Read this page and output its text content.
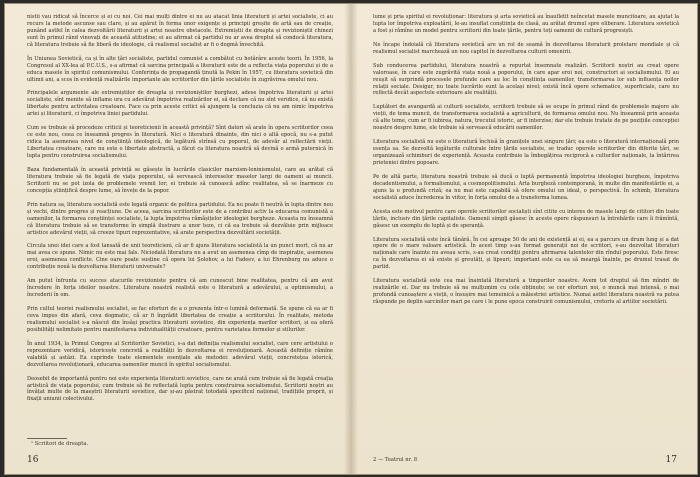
nistii vau ridicat să încerce și ei cu noi. Cei mai mulți dintre ei nu au atacat linia literaturii și artei socialiste, ci au recurs la metode ascunse sau clare, și au apărut în forma unor exigențe și principii greșite de artă sau de creație, punând astfel în calea dezvoltării literaturii și artei noastre obstacole. Extremiștii de dreapta și revizioniștii chinezi sunt în primul rând vinovați de această atitudine; ei au afirmat că partidul nu ar avea dreptul să conducă literatura, că literatura trebuie să fie liberă de ideologie, că realismul socialist ar fi o dogmă învechită.

În Uniunea Sovietică, ca și în alte țări socialiste, partidul comunist a combătut cu hotărâre aceste teorii. În 1956, la Congresul al XX-lea al P.C.U.S., s-a afirmat că sarcina principală a literaturii este de a reflecta viața poporului și de a educa masele în spiritul comunismului. Conferința de propagandă ținută la Pekin în 1957, cu literatura sovietică din ultimii ani, a scos în evidență realizările importante ale scriitorilor din țările socialiste în zugrăvirea omului nou.

Principalele argumente ale extremiștilor de dreapta și revizioniștilor burghezi, adese împotriva literaturii și artei socialiste, sînt menite să inflame ura cu adevărat împotriva realizărilor ei, să declare că nu sînt veridice, că nu există libertate pentru activitatea creatoare. Face ca prin aceste critici să ajungem la concluzia că nu am nimic împotriva artei și literaturii, ci împotriva liniei partidului.

Cum se trebuie să procedeze criticii și teoreticienii în această privință? Sînt datori să arate în opera scriitorilor ceea ce este nou, ceea ce înseamnă progres în literatură. Nici o literatură dinainte, din nici o altă epocă, nu s-a putut ridica la asemenea nivel de conștiință ideologică, de legătură strînsă cu poporul, de adevăr al reflectării vieții. Libertatea creatoare, care nu este o libertate abstractă, a făcut ca literatura noastră să devină o armă puternică în lupta pentru construirea socialismului.

Baza fundamentală în această privință se găsește în lucrările clasicilor marxism-leninismului, care au arătat că literatura trebuie să fie legată de viața poporului, să servească intereselor maselor largi de oameni ai muncii. Scriitorii nu se pot izola de problemele vremii lor; ei trebuie să cunoască adînc realitatea, să se înarmeze cu concepția științifică despre lume, să învețe de la popor.

Prin natura sa, literatura socialistă este legată organic de politica partidului. Ea nu poate fi neutră în lupta dintre nou și vechi, dintre progres și reacțiune. De aceea, sarcina scriitorilor este de a contribui activ la educarea comunistă a oamenilor, la formarea conștiinței socialiste, la lupta împotriva rămășițelor ideologiei burgheze. Aceasta nu înseamnă că literatura trebuie să se transforme în simplă ilustrare a unor teze, ci că ea trebuie să dezvăluie prin mijloace artistice adevărul vieții, să creeze tipuri reprezentative, să arate perspectiva dezvoltării societății.

Circula unei idei care a fost lansată de unii teoreticieni, că ar fi ajuns literatura socialistă la un punct mort, că nu ar mai avea ce spune. Nimic nu este mai fals. Niciodată literatura nu a avut un asemenea cîmp de inspirație, asemenea eroi, asemenea conflicte. Cine oare poate susține că opera lui Șolohov, a lui Fadeev, a lui Ehrenburg nu aduce o contribuție nouă la dezvoltarea literaturii universale?

Am putut înfrunta cu succes atacurile revizioniste pentru că am cunoscut bine realitatea, pentru că am avut încredere în forța ideilor noastre. Literatura noastră realistă este o literatură a adevărului, a optimismului, a încrederii în om.

Prin cultul teoriei realismului socialist, se fac eforturi de a o prezenta într-o lumină deformată. Se spune că ea ar fi ceva impus din afară, ceva dogmatic, că ar fi îngrădit libertatea de creație a scriitorului. În realitate, metoda realismului socialist s-a născut din însăși practica literaturii sovietice, din experiența marilor scriitori, și ea oferă posibilități nelimitate pentru manifestarea individualității creatoare, pentru varietatea formelor și stilurilor.

În anul 1934, la Primul Congres al Scriitorilor Sovietici, s-a dat definiția realismului socialist, care cere artistului o reprezentare veridică, istoricește concretă a realității în dezvoltarea ei revoluționară. Această definiție rămîne valabilă și astăzi. Ea cuprinde toate elementele esențiale ale metodei: adevărul vieții, concretețea istorică, dezvoltarea revoluționară, educarea oamenilor muncii în spiritul socialismului.

Deosebit de importantă pentru noi este experiența literaturii sovietice, care ne arată cum trebuie să fie legată creația artistică de viața poporului, cum trebuie să fie reflectată lupta pentru construirea socialismului. Scriitorii noștri au învățat multe de la maeștrii literaturii sovietice, dar și-au păstrat totodată specificul național, tradițiile proprii, și fixații uniunii colectivului.
¹ Scriitori de dreapta.
16
lume și pria spiritul ei revoluționar: literatura și arta sovietică au înaufletit neîncetat masele muncitoare, au ajutat la lupta lor împotriva exploatării, le-au insuflat conștiința de clasă, au arătat drumul spre eliberare. Literatura sovietică a fost și rămîne un model pentru scriitorii din toate țările, pentru toți oamenii de cultură progresiști.

Ne încape îndoială că literatura sovietică are un rol de seamă în dezvoltarea literaturii proletare mondiale și că realismul socialist marchează un nou capitol în dezvoltarea culturii omenirii.

Sub conducerea partidului, literatura noastră a repurtat însemnate realizări. Scriitorii noștri au creat opere valoroase, în care este zugrăvită viața nouă a poporului, în care apar eroi noi, constructori ai socialismului. Ei au reușit să surprindă procesele profunde care au loc în conștiința oamenilor, transformarea lor sub influența noilor relații sociale. Desigur, nu toate lucrările sunt la același nivel; există încă opere schematice, superficiale, care nu reflectă decât aspectele exterioare ale realității.

Luptători de avangardă ai culturii socialiste, scriitorii trebuie să se ocupe în primul rând de problemele majore ale vieții, de tema muncii, de transformarea socialistă a agriculturii, de formarea omului nou. Nu înseamnă prin aceasta că alte teme, cum ar fi iubirea, natura, trecutul istoric, ar fi interzise; dar ele trebuie tratate de pe pozițiile concepției noastre despre lume, ele trebuie să servească educării oamenilor.

Literatura socialistă nu este o literatură închisă în granițele unei singure țări; ea este o literatură internațională prin esența sa. Se dezvoltă legăturile culturale între țările socialiste, se traduc operele scriitorilor din diferite țări, se organizează schimburi de experiență. Aceasta contribuie la îmbogățirea reciprocă a culturilor naționale, la întărirea prieteniei dintre popoare.

Pe de altă parte, literatura noastră trebuie să ducă o luptă permanentă împotriva ideologiei burgheze, împotriva decadentismului, a formalismului, a cosmopolitismului. Arta burgheză contemporană, în multe din manifestările ei, a ajuns la o profundă criză; ea nu mai este capabilă să ofere omului un ideal, o perspectivă. În schimb, literatura socialistă aduce încrederea în viitor, în forța omului de a transforma lumea.

Acesta este motivul pentru care operele scriitorilor socialiști sînt citite cu interes de masele largi de cititori din toate țările, inclusiv din țările capitaliste. Oamenii simpli găsesc în aceste opere răspunsuri la întrebările care îi frămîntă, găsesc un exemplu de luptă și de speranță.

Literatura socialistă este încă tânără. În cei aproape 50 de ani de existență ai ei, ea a parcurs un drum lung și a dat opere de o mare valoare artistică. În acest timp s-au format generații noi de scriitori, s-au dezvoltat literaturi naționale care înainte nu aveau scris, s-au creat condiții pentru afirmarea talentelor din rîndul poporului. Este firesc ca în dezvoltarea ei să existe și greutăți, și lipsuri; important este ca ea să meargă înainte, pe drumul trasat de partid.

Literatura socialistă este cea mai înaintată literatură a timpurilor noastre. Avem tot dreptul să fim mîndri de realizările ei. Dar nu trebuie să ne mulțumim cu cele obținute; se cer eforturi noi, o muncă mai intensă, o mai profundă cunoaștere a vieții, o însușire mai temeinică a măiestriei artistice. Numai astfel literatura noastră va putea răspunde pe deplin sarcinilor mari pe care i le pune epoca construirii comunismului, cretoriu al artiilor societării.
2 — Teatrul nr. 8	17
